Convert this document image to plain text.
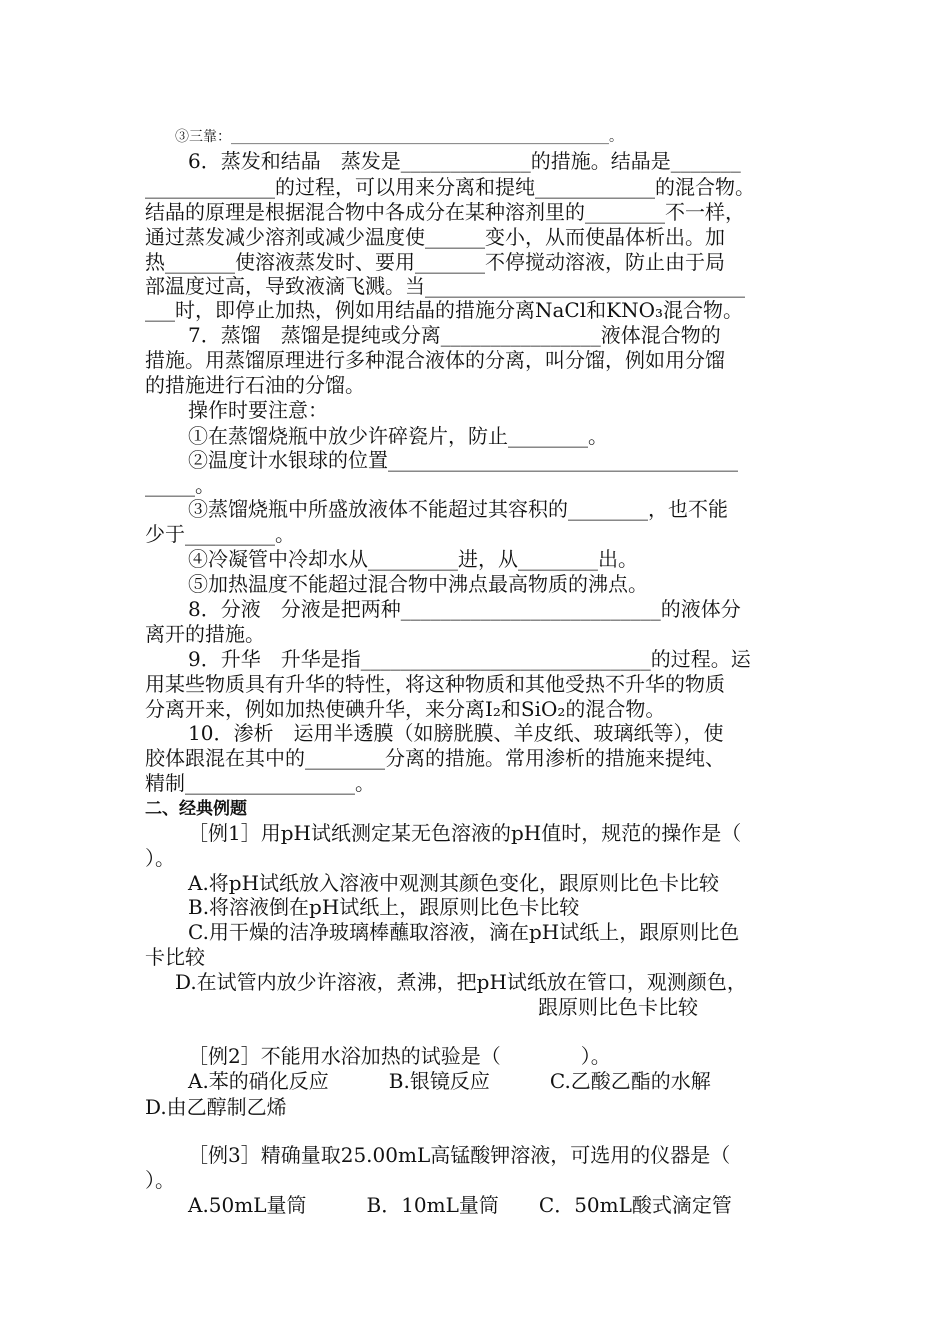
③三靠：______________________________________________________。
6．蒸发和结晶　蒸发是_____________的措施。结晶是_______
_____________的过程，可以用来分离和提纯____________的混合物。
结晶的原理是根据混合物中各成分在某种溶剂里的________不一样，
通过蒸发减少溶剂或减少温度使______变小，从而使晶体析出。加
热_______使溶液蒸发时、要用_______不停搅动溶液，防止由于局
部温度过高，导致液滴飞溅。当________________________________
___时，即停止加热，例如用结晶的措施分离NaCl和KNO₃混合物。
7．蒸馏　蒸馏是提纯或分离________________液体混合物的
措施。用蒸馏原理进行多种混合液体的分离，叫分馏，例如用分馏
的措施进行石油的分馏。
操作时要注意：
①在蒸馏烧瓶中放少许碎瓷片，防止________。
②温度计水银球的位置___________________________________
_____。
③蒸馏烧瓶中所盛放液体不能超过其容积的________，也不能
少于_________。
④冷凝管中冷却水从_________进，从________出。
⑤加热温度不能超过混合物中沸点最高物质的沸点。
8．分液　分液是把两种__________________________的液体分
离开的措施。
9．升华　升华是指_____________________________的过程。运
用某些物质具有升华的特性，将这种物质和其他受热不升华的物质
分离开来，例如加热使碘升华，来分离I₂和SiO₂的混合物。
10．渗析　运用半透膜（如膀胱膜、羊皮纸、玻璃纸等），使
胶体跟混在其中的________分离的措施。常用渗析的措施来提纯、
精制_________________。
二、经典例题
［例1］用pH试纸测定某无色溶液的pH值时，规范的操作是（
）。
A.将pH试纸放入溶液中观测其颜色变化，跟原则比色卡比较
B.将溶液倒在pH试纸上，跟原则比色卡比较
C.用干燥的洁净玻璃棒蘸取溶液，滴在pH试纸上，跟原则比色
卡比较
D.在试管内放少许溶液，煮沸，把pH试纸放在管口，观测颜色，
跟原则比色卡比较
［例2］不能用水浴加热的试验是（　　　　）。
A.苯的硝化反应　　　B.银镜反应　　　C.乙酸乙酯的水解
D.由乙醇制乙烯
［例3］精确量取25.00mL高锰酸钾溶液，可选用的仪器是（
）。
A.50mL量筒　　　B．10mL量筒　　C．50mL酸式滴定管
